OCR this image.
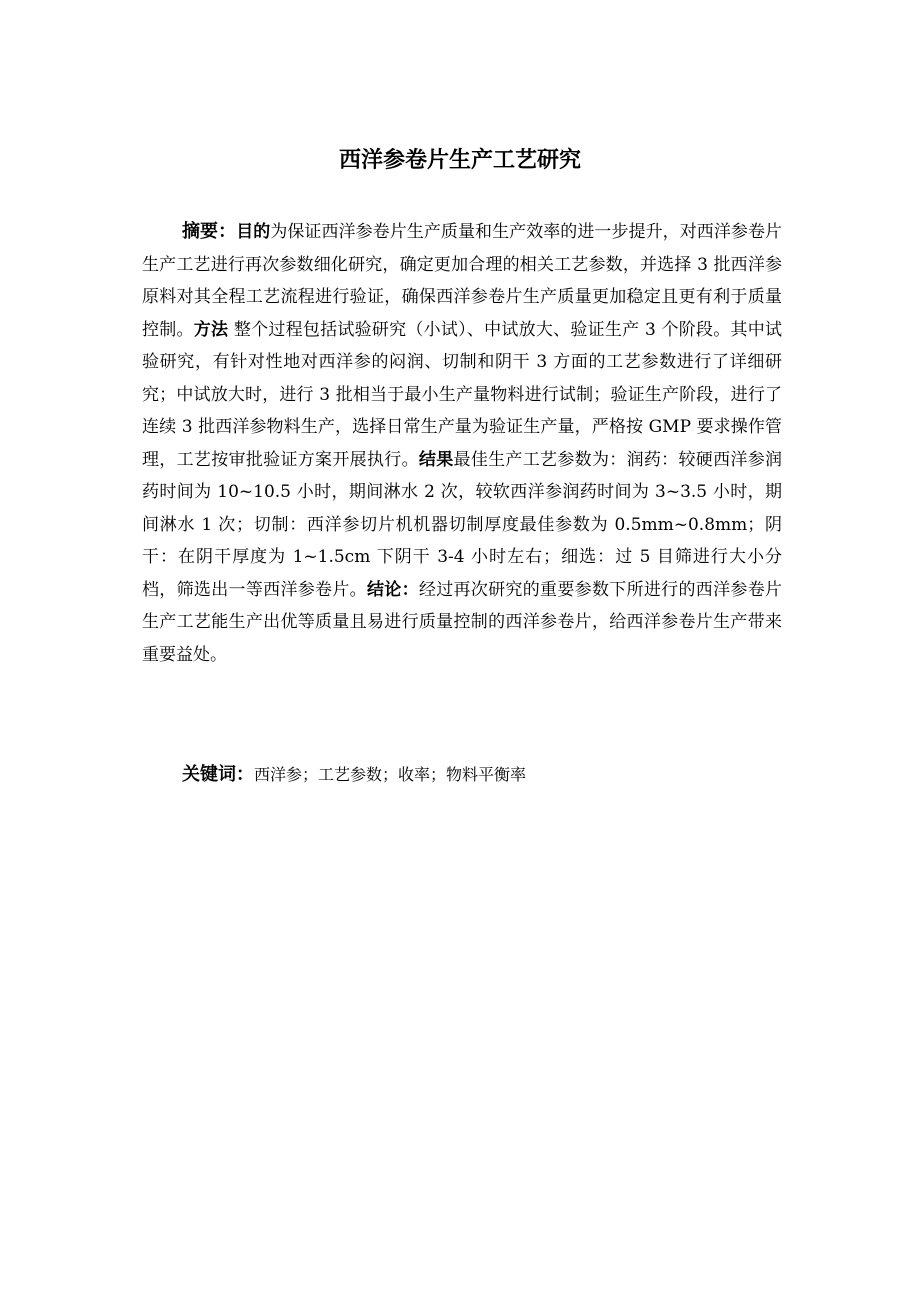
西洋参卷片生产工艺研究

摘要：目的为保证西洋参卷片生产质量和生产效率的进一步提升，对西洋参卷片生产工艺进行再次参数细化研究，确定更加合理的相关工艺参数，并选择 3 批西洋参原料对其全程工艺流程进行验证，确保西洋参卷片生产质量更加稳定且更有利于质量控制。方法 整个过程包括试验研究（小试）、中试放大、验证生产 3 个阶段。其中试验研究，有针对性地对西洋参的闷润、切制和阴干 3 方面的工艺参数进行了详细研究；中试放大时，进行 3 批相当于最小生产量物料进行试制；验证生产阶段，进行了连续 3 批西洋参物料生产，选择日常生产量为验证生产量，严格按 GMP 要求操作管理，工艺按审批验证方案开展执行。结果最佳生产工艺参数为：润药：较硬西洋参润药时间为 10~10.5 小时，期间淋水 2 次，较软西洋参润药时间为 3~3.5 小时，期间淋水 1 次；切制：西洋参切片机机器切制厚度最佳参数为 0.5mm~0.8mm；阴干：在阴干厚度为 1~1.5cm 下阴干 3-4 小时左右；细选：过 5 目筛进行大小分档，筛选出一等西洋参卷片。结论：经过再次研究的重要参数下所进行的西洋参卷片生产工艺能生产出优等质量且易进行质量控制的西洋参卷片，给西洋参卷片生产带来重要益处。

关键词：西洋参；工艺参数；收率；物料平衡率
